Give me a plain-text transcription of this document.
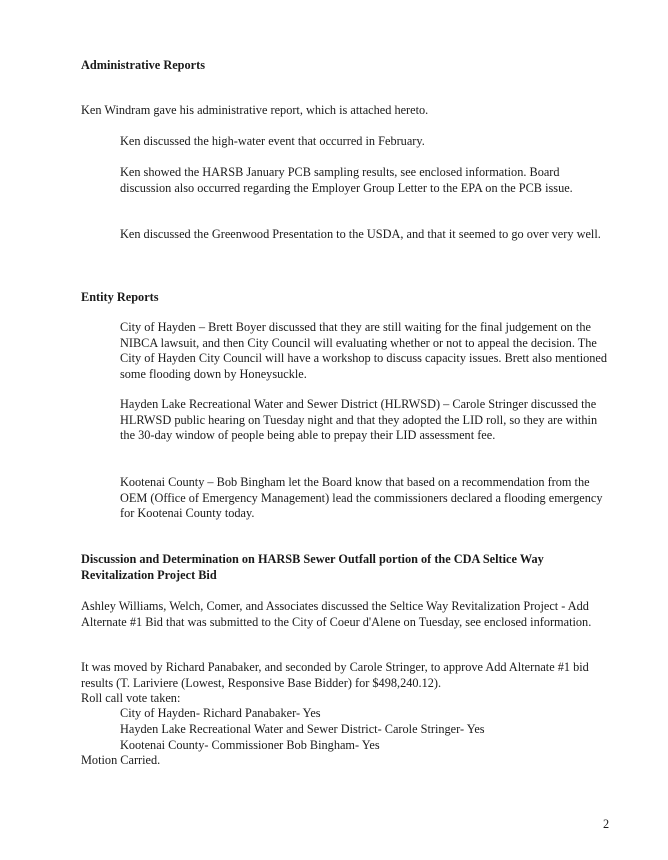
Administrative Reports

Ken Windram gave his administrative report, which is attached hereto.

Ken discussed the high-water event that occurred in February.

Ken showed the HARSB January PCB sampling results, see enclosed information. Board discussion also occurred regarding the Employer Group Letter to the EPA on the PCB issue.

Ken discussed the Greenwood Presentation to the USDA, and that it seemed to go over very well.

Entity Reports

City of Hayden – Brett Boyer discussed that they are still waiting for the final judgement on the NIBCA lawsuit, and then City Council will evaluating whether or not to appeal the decision. The City of Hayden City Council will have a workshop to discuss capacity issues. Brett also mentioned some flooding down by Honeysuckle.

Hayden Lake Recreational Water and Sewer District (HLRWSD) – Carole Stringer discussed the HLRWSD public hearing on Tuesday night and that they adopted the LID roll, so they are within the 30-day window of people being able to prepay their LID assessment fee.

Kootenai County – Bob Bingham let the Board know that based on a recommendation from the OEM (Office of Emergency Management) lead the commissioners declared a flooding emergency for Kootenai County today.

Discussion and Determination on HARSB Sewer Outfall portion of the CDA Seltice Way
Revitalization Project Bid

Ashley Williams, Welch, Comer, and Associates discussed the Seltice Way Revitalization Project - Add Alternate #1 Bid that was submitted to the City of Coeur d'Alene on Tuesday, see enclosed information.

It was moved by Richard Panabaker, and seconded by Carole Stringer, to approve Add Alternate #1 bid results (T. Lariviere (Lowest, Responsive Base Bidder) for $498,240.12).

Roll call vote taken:
City of Hayden- Richard Panabaker- Yes
Hayden Lake Recreational Water and Sewer District- Carole Stringer- Yes
Kootenai County- Commissioner Bob Bingham- Yes
Motion Carried.
2
